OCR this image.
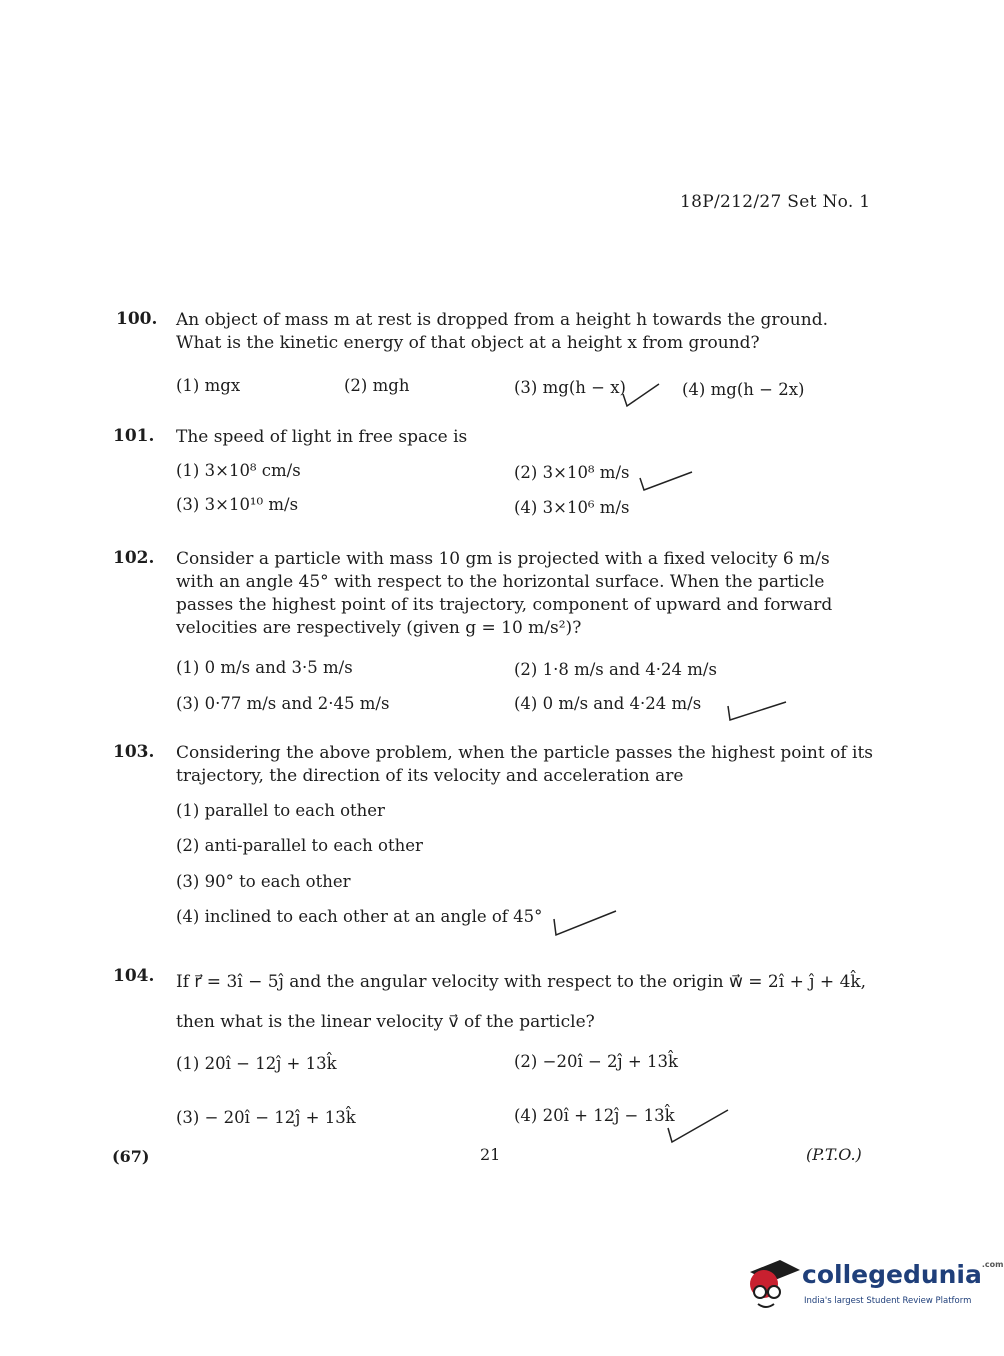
18P/212/27 Set No. 1
100. An object of mass m at rest is dropped from a height h towards the ground.
What is the kinetic energy of that object at a height x from ground?
(1) mgx	(2) mgh	(3) mg(h − x)	(4) mg(h − 2x)
101. The speed of light in free space is
(1) 3×10⁸ cm/s	(2) 3×10⁸ m/s
(3) 3×10¹⁰ m/s	(4) 3×10⁶ m/s
102. Consider a particle with mass 10 gm is projected with a fixed velocity 6 m/s
with an angle 45° with respect to the horizontal surface. When the particle
passes the highest point of its trajectory, component of upward and forward
velocities are respectively (given g = 10 m/s²)?
(1) 0 m/s and 3·5 m/s	(2) 1·8 m/s and 4·24 m/s
(3) 0·77 m/s and 2·45 m/s	(4) 0 m/s and 4·24 m/s
103. Considering the above problem, when the particle passes the highest point of its
trajectory, the direction of its velocity and acceleration are
(1) parallel to each other
(2) anti-parallel to each other
(3) 90° to each other
(4) inclined to each other at an angle of 45°
104. If r⃗ = 3î − 5ĵ and the angular velocity with respect to the origin w⃗ = 2î + ĵ + 4k̂,
then what is the linear velocity v⃗ of the particle?
(1) 20î − 12ĵ + 13k̂	(2) −20î − 2ĵ + 13k̂
(3) − 20î − 12ĵ + 13k̂	(4) 20î + 12ĵ − 13k̂
(67)	21	(P.T.O.)
collegedunia$^{.com}$
India's largest Student Review Platform
